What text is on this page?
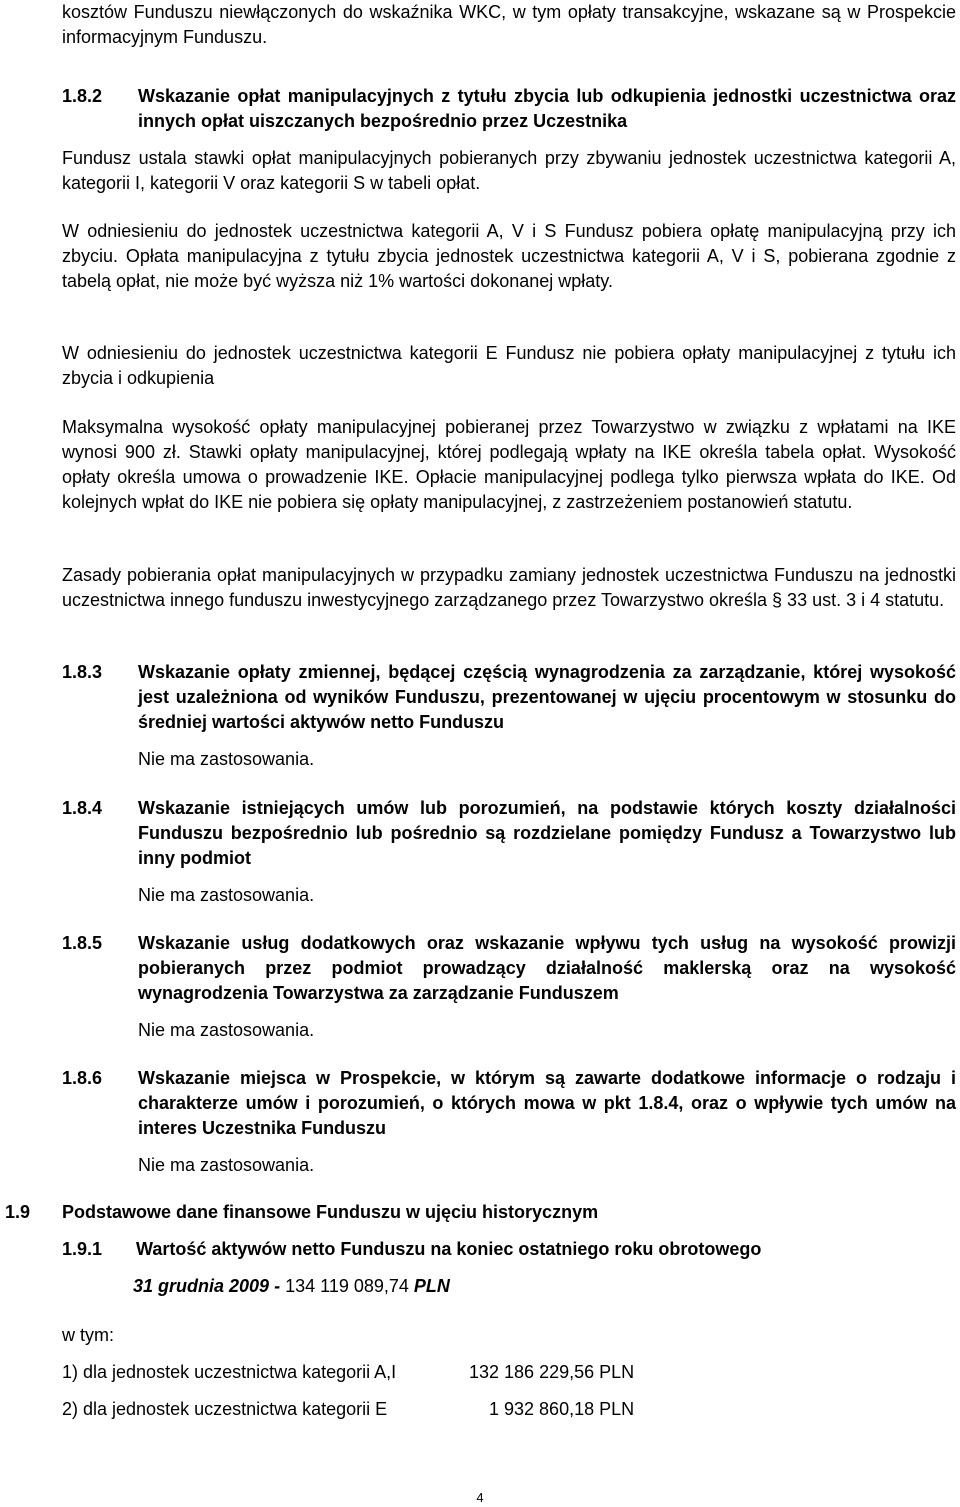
kosztów Funduszu niewłączonych do wskaźnika WKC, w tym opłaty transakcyjne, wskazane są w Prospekcie informacyjnym Funduszu.

1.8.2 Wskazanie opłat manipulacyjnych z tytułu zbycia lub odkupienia jednostki uczestnictwa oraz innych opłat uiszczanych bezpośrednio przez Uczestnika

Fundusz ustala stawki opłat manipulacyjnych pobieranych przy zbywaniu jednostek uczestnictwa kategorii A, kategorii I, kategorii V oraz kategorii S w tabeli opłat.

W odniesieniu do jednostek uczestnictwa kategorii A, V i S Fundusz pobiera opłatę manipulacyjną przy ich zbyciu. Opłata manipulacyjna z tytułu zbycia jednostek uczestnictwa kategorii A, V i S, pobierana zgodnie z tabelą opłat, nie może być wyższa niż 1% wartości dokonanej wpłaty.

W odniesieniu do jednostek uczestnictwa kategorii E Fundusz nie pobiera opłaty manipulacyjnej z tytułu ich zbycia i odkupienia

Maksymalna wysokość opłaty manipulacyjnej pobieranej przez Towarzystwo w związku z wpłatami na IKE wynosi 900 zł. Stawki opłaty manipulacyjnej, której podlegają wpłaty na IKE określa tabela opłat. Wysokość opłaty określa umowa o prowadzenie IKE. Opłacie manipulacyjnej podlega tylko pierwsza wpłata do IKE. Od kolejnych wpłat do IKE nie pobiera się opłaty manipulacyjnej, z zastrzeżeniem postanowień statutu.

Zasady pobierania opłat manipulacyjnych w przypadku zamiany jednostek uczestnictwa Funduszu na jednostki uczestnictwa innego funduszu inwestycyjnego zarządzanego przez Towarzystwo określa § 33 ust. 3 i 4 statutu.

1.8.3 Wskazanie opłaty zmiennej, będącej częścią wynagrodzenia za zarządzanie, której wysokość jest uzależniona od wyników Funduszu, prezentowanej w ujęciu procentowym w stosunku do średniej wartości aktywów netto Funduszu

Nie ma zastosowania.

1.8.4 Wskazanie istniejących umów lub porozumień, na podstawie których koszty działalności Funduszu bezpośrednio lub pośrednio są rozdzielane pomiędzy Fundusz a Towarzystwo lub inny podmiot

Nie ma zastosowania.

1.8.5 Wskazanie usług dodatkowych oraz wskazanie wpływu tych usług na wysokość prowizji pobieranych przez podmiot prowadzący działalność maklerską oraz na wysokość wynagrodzenia Towarzystwa za zarządzanie Funduszem

Nie ma zastosowania.

1.8.6 Wskazanie miejsca w Prospekcie, w którym są zawarte dodatkowe informacje o rodzaju i charakterze umów i porozumień, o których mowa w pkt 1.8.4, oraz o wpływie tych umów na interes Uczestnika Funduszu

Nie ma zastosowania.

1.9 Podstawowe dane finansowe Funduszu w ujęciu historycznym
1.9.1 Wartość aktywów netto Funduszu na koniec ostatniego roku obrotowego

31 grudnia 2009 - 134 119 089,74 PLN

w tym:

1) dla jednostek uczestnictwa kategorii A,I	132 186 229,56 PLN
2) dla jednostek uczestnictwa kategorii E	1 932 860,18 PLN
4
